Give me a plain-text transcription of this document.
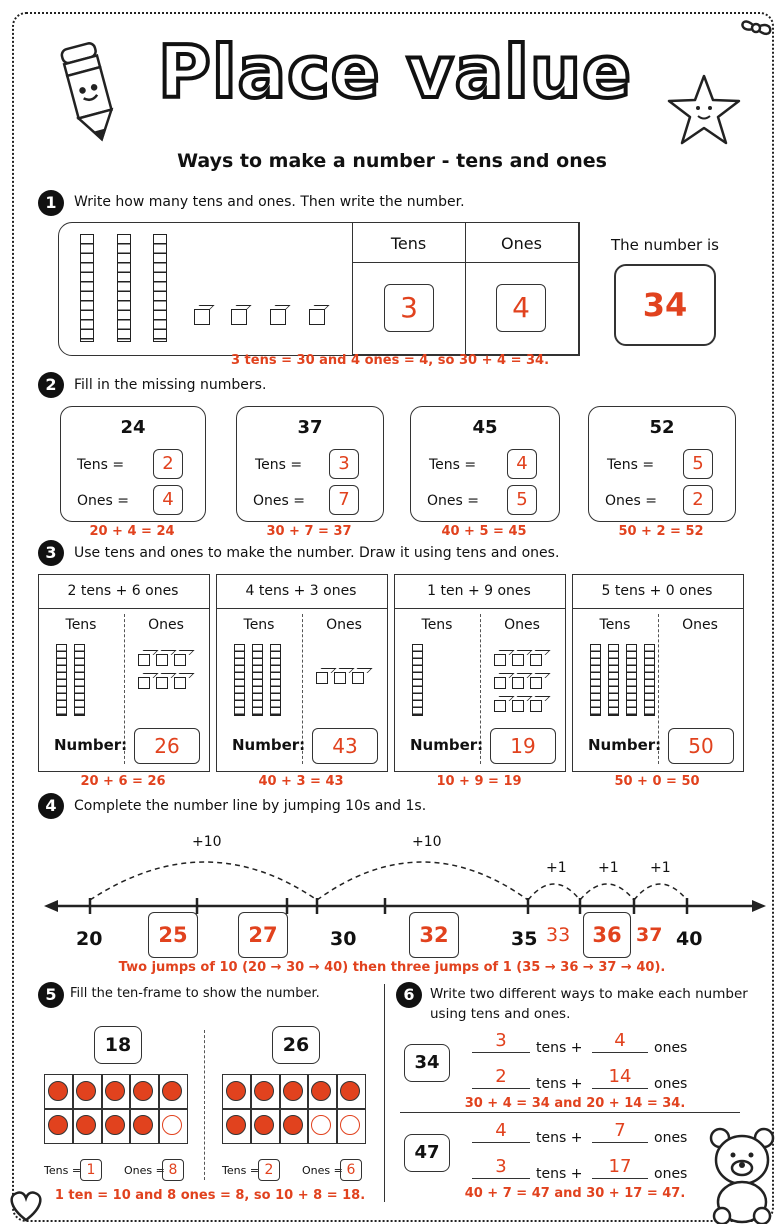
Place value
Ways to make a number - tens and ones
1	Write how many tens and ones. Then write the number.
Tens	Ones
3	4
The number is
34
3 tens = 30 and 4 ones = 4, so 30 + 4 = 34.
2	Fill in the missing numbers.
24
Tens =	2
Ones =	4
20 + 4 = 24
37
Tens =	3
Ones =	7
30 + 7 = 37
45
Tens =	4
Ones =	5
40 + 5 = 45
52
Tens =	5
Ones =	2
50 + 2 = 52
3	Use tens and ones to make the number. Draw it using tens and ones.
2 tens + 6 ones
Tens	Ones
Number:	26
20 + 6 = 26
4 tens + 3 ones
Tens	Ones
Number:	43
40 + 3 = 43
1 ten + 9 ones
Tens	Ones
Number:	19
10 + 9 = 19
5 tens + 0 ones
Tens	Ones
Number:	50
50 + 0 = 50
4	Complete the number line by jumping 10s and 1s.
+10	+10
+1 +1 +1
20	25	27	30	32	35 33	36 37 40
Two jumps of 10 (20 → 30 → 40) then three jumps of 1 (35 → 36 → 37 → 40).
5	Fill the ten-frame to show the number.
18
Tens = 1	Ones = 8
26
Tens = 2	Ones = 6
1 ten = 10 and 8 ones = 8, so 10 + 8 = 18.
6	Write two different ways to make each number using tens and ones.
34
3	tens +	4	ones
2	tens +	14	ones
30 + 4 = 34 and 20 + 14 = 34.
47
4	tens +	7	ones
3	tens +	17	ones
40 + 7 = 47 and 30 + 17 = 47.
